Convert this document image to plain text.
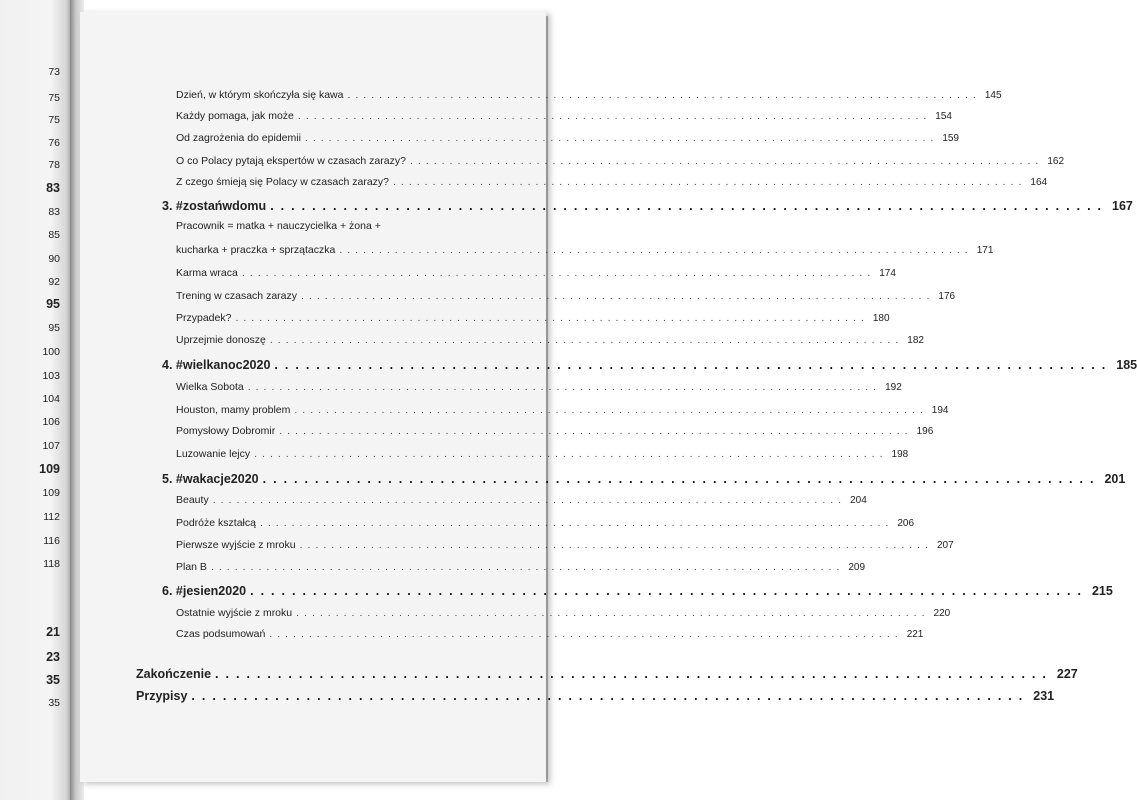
73
75
75
76
78
83
83
85
90
92
95
95
100
103
104
106
107
109
109
112
116
118
21
23
35
35
Dzień, w którym skończyła się kawa ................................................................................ 145
Każdy pomaga, jak może ................................................................................ 154
Od zagrożenia do epidemii ................................................................................ 159
O co Polacy pytają ekspertów w czasach zarazy? ................................................................................ 162
Z czego śmieją się Polacy w czasach zarazy? ................................................................................ 164
3. #zostańwdomu ................................................................................ 167
Pracownik = matka + nauczycielka + żona +
kucharka + praczka + sprzątaczka ................................................................................ 171
Karma wraca ................................................................................ 174
Trening w czasach zarazy ................................................................................ 176
Przypadek? ................................................................................ 180
Uprzejmie donoszę ................................................................................ 182
4. #wielkanoc2020 ................................................................................ 185
Wielka Sobota ................................................................................ 192
Houston, mamy problem ................................................................................ 194
Pomysłowy Dobromir ................................................................................ 196
Luzowanie lejcy ................................................................................ 198
5. #wakacje2020 ................................................................................ 201
Beauty ................................................................................ 204
Podróże kształcą ................................................................................ 206
Pierwsze wyjście z mroku ................................................................................ 207
Plan B ................................................................................ 209
6. #jesien2020 ................................................................................ 215
Ostatnie wyjście z mroku ................................................................................ 220
Czas podsumowań ................................................................................ 221
Zakończenie ................................................................................ 227
Przypisy ................................................................................ 231
